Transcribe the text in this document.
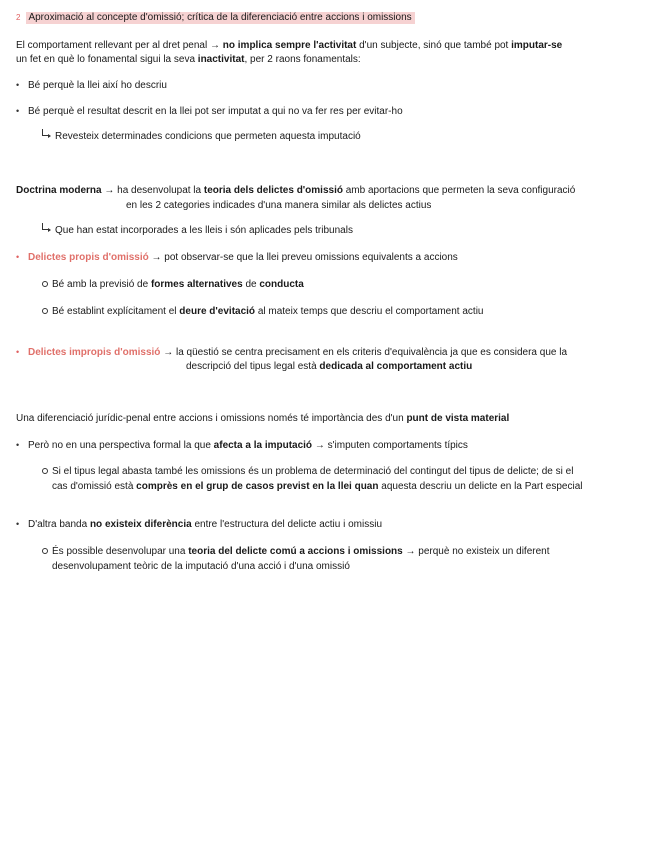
2 Aproximació al concepte d'omissió; crítica de la diferenciació entre accions i omissions
El comportament rellevant per al dret penal → no implica sempre l'activitat d'un subjecte, sinó que també pot imputar-se
un fet en què lo fonamental sigui la seva inactivitat, per 2 raons fonamentals:
• Bé perquè la llei així ho descriu
• Bé perquè el resultat descrit en la llei pot ser imputat a qui no va fer res per evitar-ho
Revesteix determinades condicions que permeten aquesta imputació
Doctrina moderna → ha desenvolupat la teoria dels delictes d'omissió amb aportacions que permeten la seva configuració
en les 2 categories indicades d'una manera similar als delictes actius
Que han estat incorporades a les lleis i són aplicades pels tribunals
• Delictes propis d'omissió → pot observar-se que la llei preveu omissions equivalents a accions
Bé amb la previsió de formes alternatives de conducta
Bé establint explícitament el deure d'evitació al mateix temps que descriu el comportament actiu
• Delictes impropis d'omissió → la qüestió se centra precisament en els criteris d'equivalència ja que es considera que la
descripció del tipus legal està dedicada al comportament actiu
Una diferenciació jurídic-penal entre accions i omissions només té importància des d'un punt de vista material
• Però no en una perspectiva formal la que afecta a la imputació → s'imputen comportaments típics
Si el tipus legal abasta també les omissions és un problema de determinació del contingut del tipus de delicte; de si el
cas d'omissió està comprès en el grup de casos previst en la llei quan aquesta descriu un delicte en la Part especial
• D'altra banda no existeix diferència entre l'estructura del delicte actiu i omissiu
És possible desenvolupar una teoria del delicte comú a accions i omissions → perquè no existeix un diferent
desenvolupament teòric de la imputació d'una acció i d'una omissió
